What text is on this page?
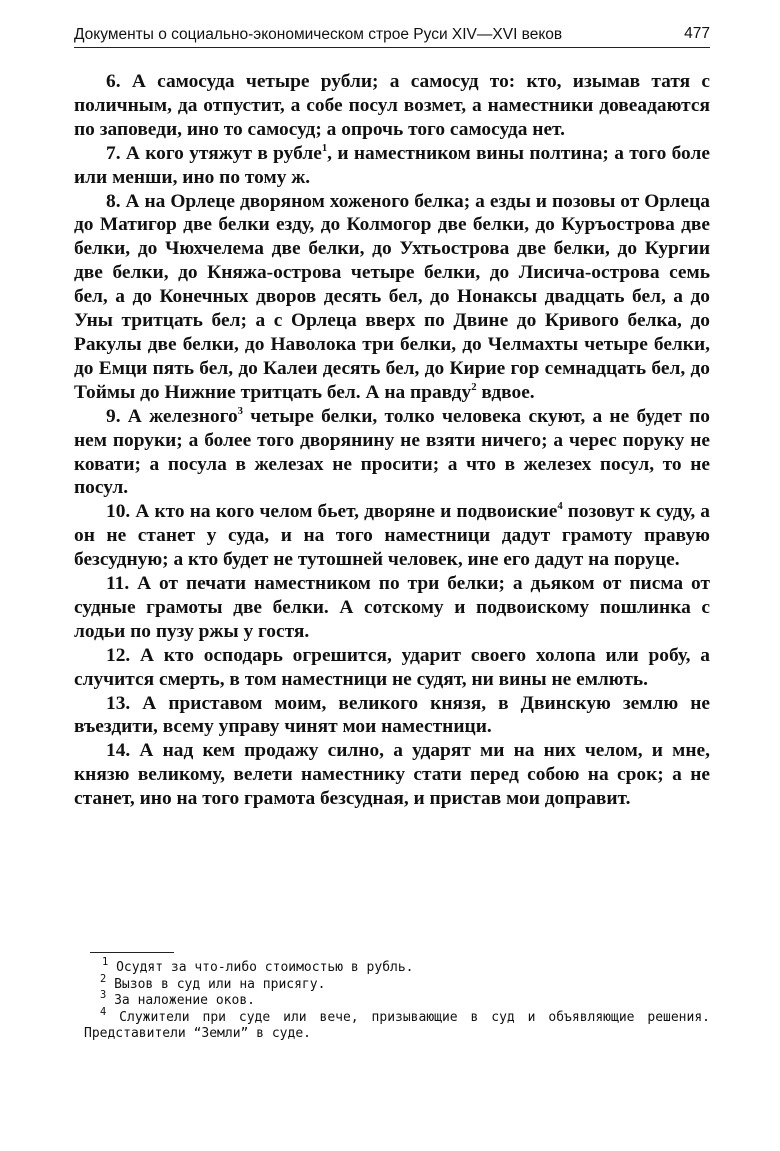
Документы о социально-экономическом строе Руси XIV—XVI веков	477

6. А самосуда четыре рубли; а самосуд то: кто, изымав татя с поличным, да отпустит, а собе посул возмет, а наместники довеадаются по заповеди, ино то самосуд; а опрочь того самосуда нет.

7. А кого утяжут в рубле$^1$, и наместником вины полтина; а того боле или менши, ино по тому ж.

8. А на Орлеце дворяном хоженого белка; а езды и позовы от Орлеца до Матигор две белки езду, до Колмогор две белки, до Куръострова две белки, до Чюхчелема две белки, до Ухтьострова две белки, до Кургии две белки, до Княжа-острова четыре белки, до Лисича-острова семь бел, а до Конечных дворов десять бел, до Нонаксы двадцать бел, а до Уны тритцать бел; а с Орлеца вверх по Двине до Кривого белка, до Ракулы две белки, до Наволока три белки, до Челмахты четыре белки, до Емци пять бел, до Калеи десять бел, до Кирие гор семнадцать бел, до Тоймы до Нижние тритцать бел. А на правду$^2$ вдвое.

9. А железного$^3$ четыре белки, толко человека скуют, а не будет по нем поруки; а более того дворянину не взяти ничего; а черес поруку не ковати; а посула в железах не просити; а что в железех посул, то не посул.

10. А кто на кого челом бьет, дворяне и подвоиские$^4$ позовут к суду, а он не станет у суда, и на того наместници дадут грамоту правую безсудную; а кто будет не тутошней человек, ине его дадут на поруце.

11. А от печати наместником по три белки; а дьяком от писма от судные грамоты две белки. А сотскому и подвоискому пошлинка с лодьи по пузу ржы у гостя.

12. А кто осподарь огрешится, ударит своего холопа или робу, а случится смерть, в том наместници не судят, ни вины не емлють.

13. А приставом моим, великого князя, в Двинскую землю не въездити, всему управу чинят мои наместници.

14. А над кем продажу силно, а ударят ми на них челом, и мне, князю великому, велети наместнику стати перед собою на срок; а не станет, ино на того грамота безсудная, и пристав мои доправит.

$^1$ Осудят за что-либо стоимостью в рубль.

$^2$ Вызов в суд или на присягу.

$^3$ За наложение оков.

$^4$ Служители при суде или вече, призывающие в суд и объявляющие решения. Представители “Земли” в суде.
